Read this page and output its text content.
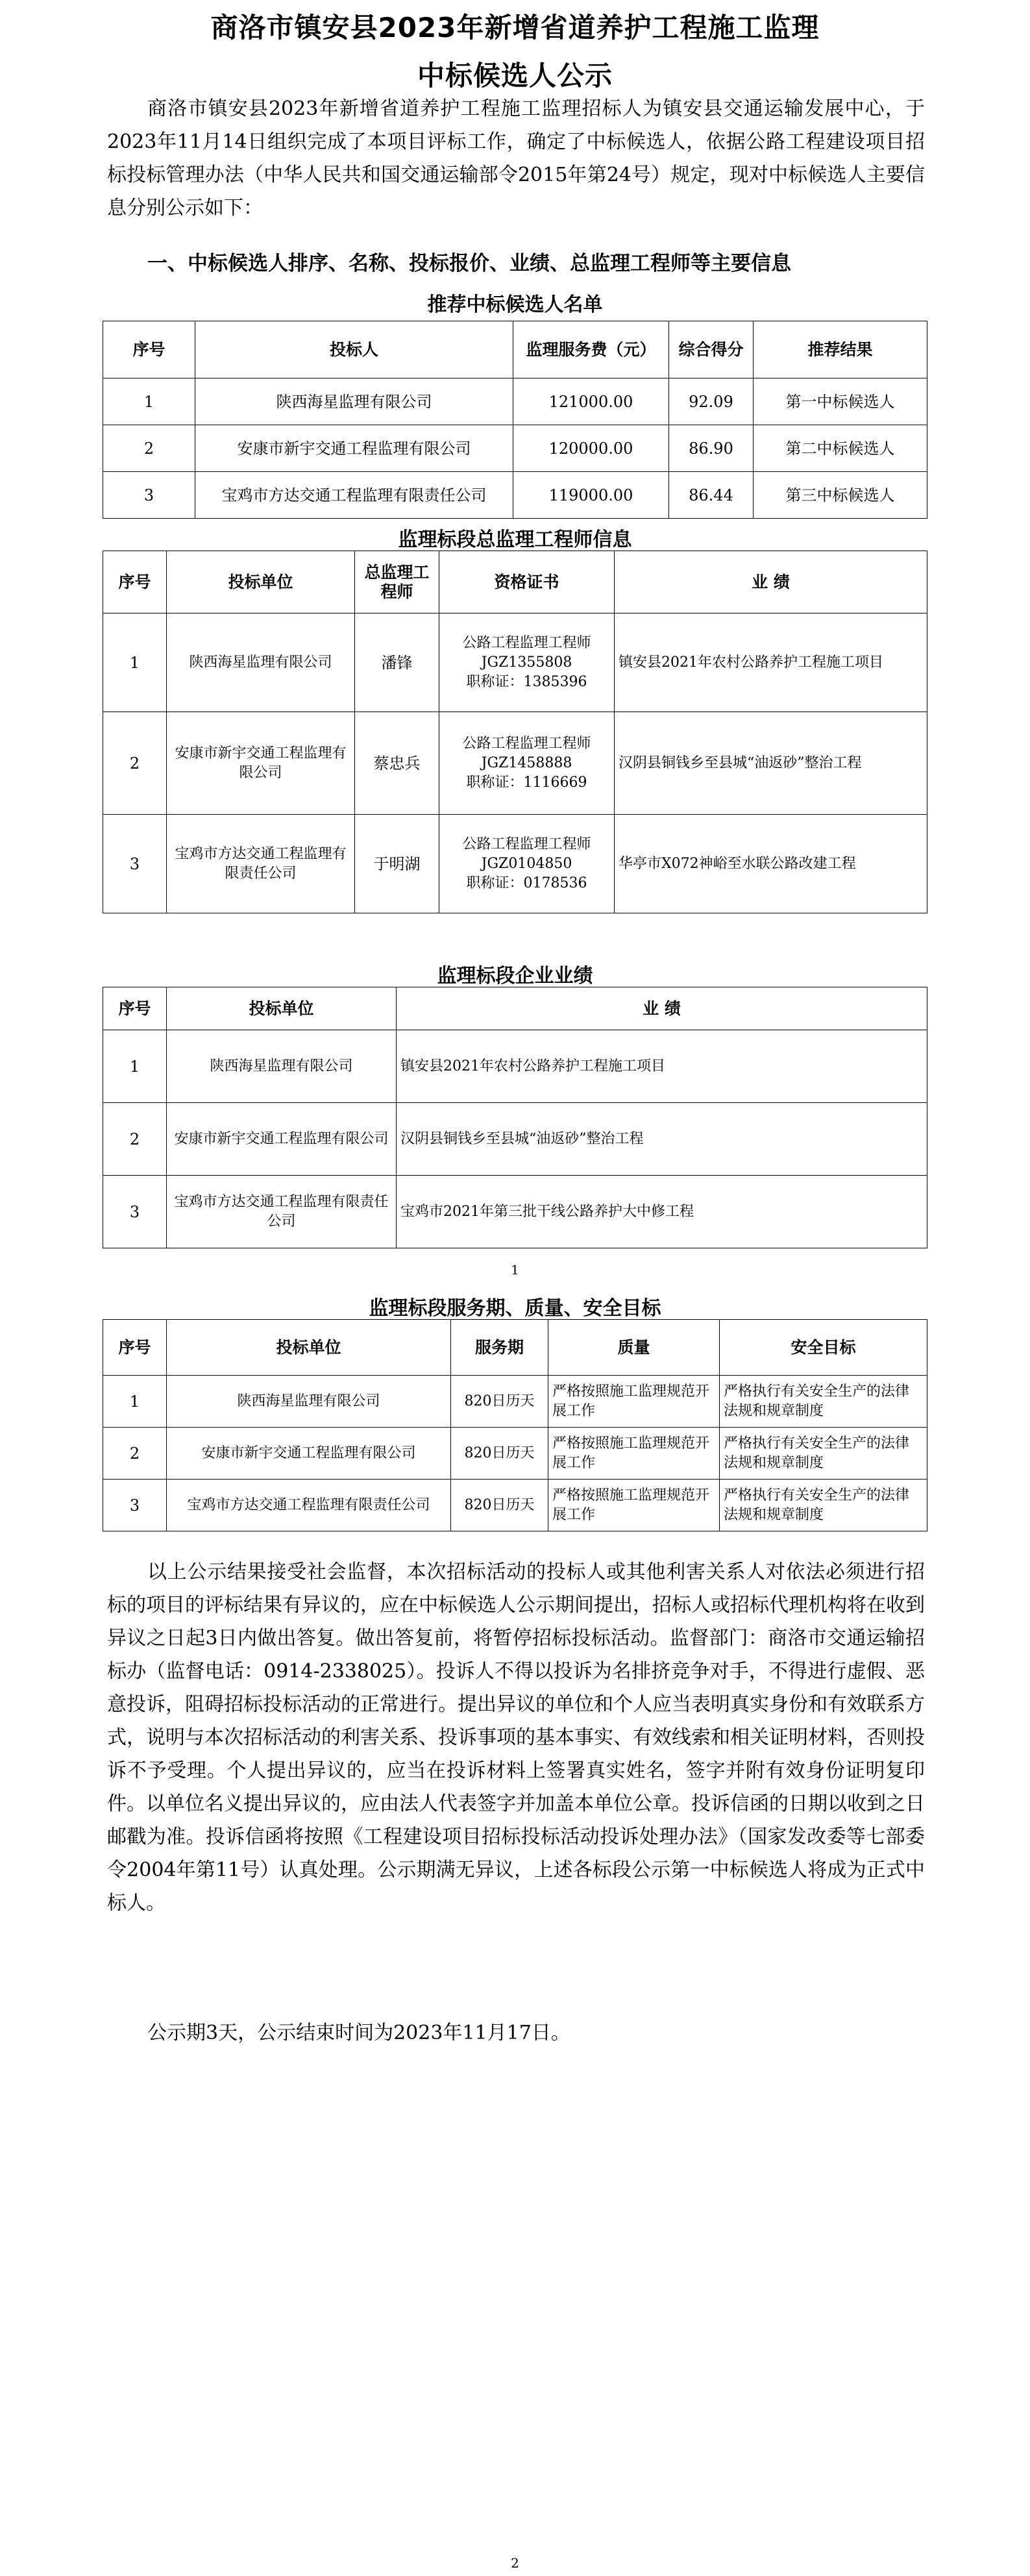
商洛市镇安县2023年新增省道养护工程施工监理
中标候选人公示

商洛市镇安县2023年新增省道养护工程施工监理招标人为镇安县交通运输发展中心，于2023年11月14日组织完成了本项目评标工作，确定了中标候选人，依据公路工程建设项目招标投标管理办法（中华人民共和国交通运输部令2015年第24号）规定，现对中标候选人主要信息分别公示如下：

一、中标候选人排序、名称、投标报价、业绩、总监理工程师等主要信息
推荐中标候选人名单
序号	投标人	监理服务费（元）	综合得分	推荐结果
1	陕西海星监理有限公司	121000.00	92.09	第一中标候选人
2	安康市新宇交通工程监理有限公司	120000.00	86.90	第二中标候选人
3	宝鸡市方达交通工程监理有限责任公司	119000.00	86.44	第三中标候选人
监理标段总监理工程师信息
序号	投标单位	总监理工程师	资格证书	业 绩
1	陕西海星监理有限公司	潘锋	公路工程监理工程师
JGZ1355808
职称证：1385396	镇安县2021年农村公路养护工程施工项目
2	安康市新宇交通工程监理有限公司	蔡忠兵	公路工程监理工程师
JGZ1458888
职称证：1116669	汉阴县铜钱乡至县城“油返砂”整治工程
3	宝鸡市方达交通工程监理有限责任公司	于明湖	公路工程监理工程师
JGZ0104850
职称证：0178536	华亭市X072神峪至水联公路改建工程
监理标段企业业绩
序号	投标单位	业 绩
1	陕西海星监理有限公司	镇安县2021年农村公路养护工程施工项目
2	安康市新宇交通工程监理有限公司	汉阴县铜钱乡至县城“油返砂”整治工程
3	宝鸡市方达交通工程监理有限责任公司	宝鸡市2021年第三批干线公路养护大中修工程
1
监理标段服务期、质量、安全目标
序号	投标单位	服务期	质量	安全目标
1	陕西海星监理有限公司	820日历天	严格按照施工监理规范开展工作	严格执行有关安全生产的法律法规和规章制度
2	安康市新宇交通工程监理有限公司	820日历天	严格按照施工监理规范开展工作	严格执行有关安全生产的法律法规和规章制度
3	宝鸡市方达交通工程监理有限责任公司	820日历天	严格按照施工监理规范开展工作	严格执行有关安全生产的法律法规和规章制度

以上公示结果接受社会监督，本次招标活动的投标人或其他利害关系人对依法必须进行招标的项目的评标结果有异议的，应在中标候选人公示期间提出，招标人或招标代理机构将在收到异议之日起3日内做出答复。做出答复前，将暂停招标投标活动。监督部门：商洛市交通运输招标办（监督电话：0914-2338025）。投诉人不得以投诉为名排挤竞争对手，不得进行虚假、恶意投诉，阻碍招标投标活动的正常进行。提出异议的单位和个人应当表明真实身份和有效联系方式，说明与本次招标活动的利害关系、投诉事项的基本事实、有效线索和相关证明材料，否则投诉不予受理。个人提出异议的，应当在投诉材料上签署真实姓名，签字并附有效身份证明复印件。以单位名义提出异议的，应由法人代表签字并加盖本单位公章。投诉信函的日期以收到之日邮戳为准。投诉信函将按照《工程建设项目招标投标活动投诉处理办法》（国家发改委等七部委令2004年第11号）认真处理。公示期满无异议，上述各标段公示第一中标候选人将成为正式中标人。

公示期3天，公示结束时间为2023年11月17日。

2
